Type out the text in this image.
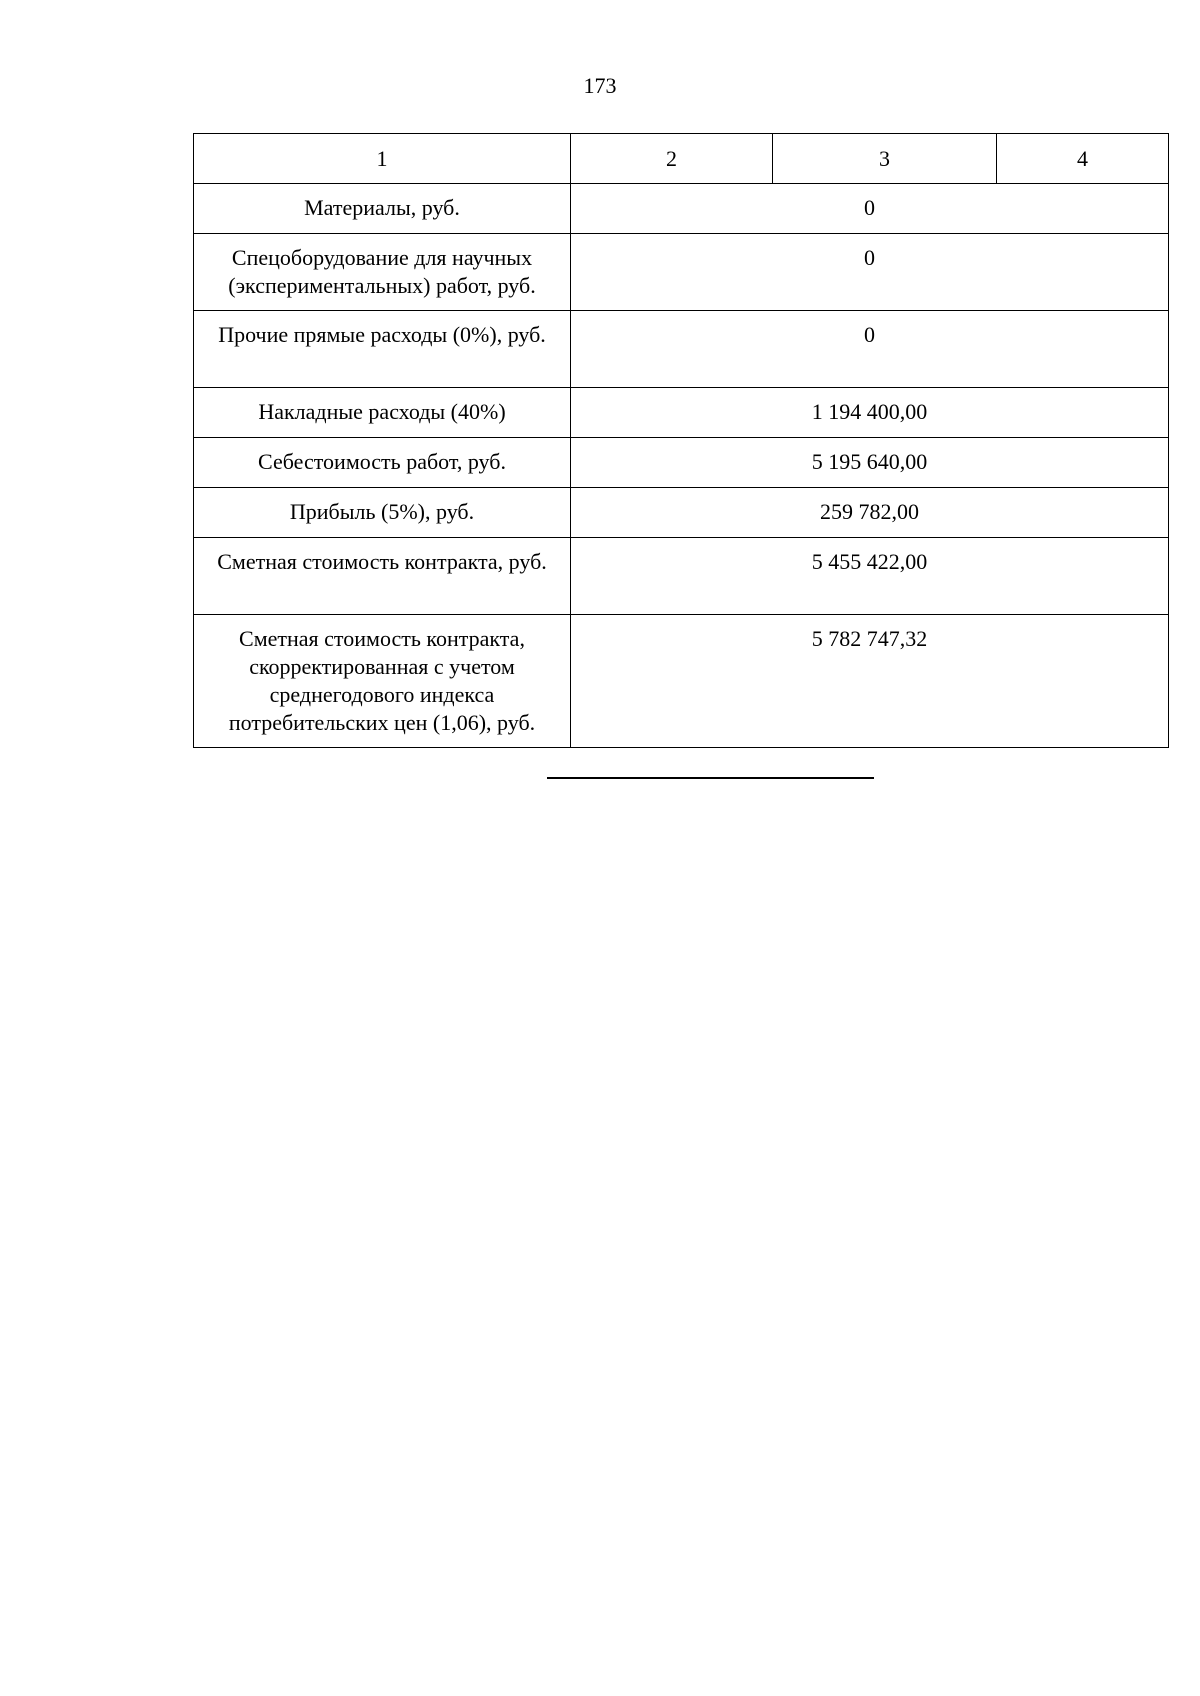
173
1	2	3	4
Материалы, руб.	0		
Спецоборудование для научных (экспериментальных) работ, руб.	0		
Прочие прямые расходы (0%), руб.	0		
Накладные расходы (40%)	1 194 400,00		
Себестоимость работ, руб.	5 195 640,00		
Прибыль (5%), руб.	259 782,00		
Сметная стоимость контракта, руб.	5 455 422,00		
Сметная стоимость контракта, скорректированная с учетом среднегодового индекса потребительских цен (1,06), руб.	5 782 747,32		
